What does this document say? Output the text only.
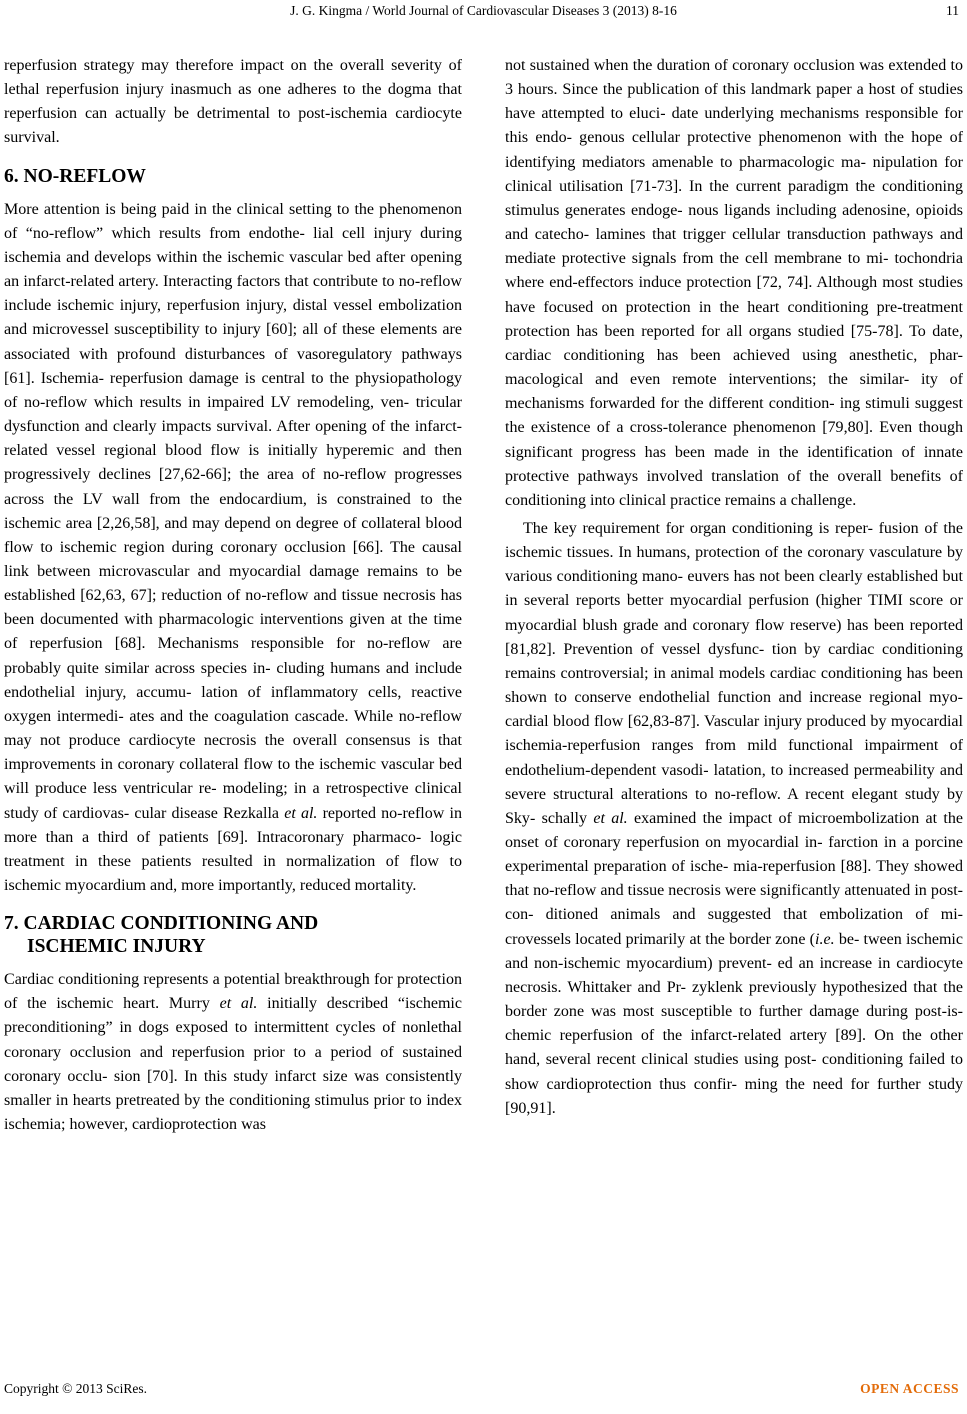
J. G. Kingma / World Journal of Cardiovascular Diseases 3 (2013) 8-16	11

reperfusion strategy may therefore impact on the overall severity of lethal reperfusion injury inasmuch as one adheres to the dogma that reperfusion can actually be detrimental to post-ischemia cardiocyte survival.

6. NO-REFLOW

More attention is being paid in the clinical setting to the phenomenon of “no-reflow” which results from endothe- lial cell injury during ischemia and develops within the ischemic vascular bed after opening an infarct-related artery. Interacting factors that contribute to no-reflow include ischemic injury, reperfusion injury, distal vessel embolization and microvessel susceptibility to injury [60]; all of these elements are associated with profound disturbances of vasoregulatory pathways [61]. Ischemia- reperfusion damage is central to the physiopathology of no-reflow which results in impaired LV remodeling, ven- tricular dysfunction and clearly impacts survival. After opening of the infarct-related vessel regional blood flow is initially hyperemic and then progressively declines [27,62-66]; the area of no-reflow progresses across the LV wall from the endocardium, is constrained to the ischemic area [2,26,58], and may depend on degree of collateral blood flow to ischemic region during coronary occlusion [66]. The causal link between microvascular and myocardial damage remains to be established [62,63, 67]; reduction of no-reflow and tissue necrosis has been documented with pharmacologic interventions given at the time of reperfusion [68]. Mechanisms responsible for no-reflow are probably quite similar across species in- cluding humans and include endothelial injury, accumu- lation of inflammatory cells, reactive oxygen intermedi- ates and the coagulation cascade. While no-reflow may not produce cardiocyte necrosis the overall consensus is that improvements in coronary collateral flow to the ischemic vascular bed will produce less ventricular re- modeling; in a retrospective clinical study of cardiovas- cular disease Rezkalla et al. reported no-reflow in more than a third of patients [69]. Intracoronary pharmaco- logic treatment in these patients resulted in normalization of flow to ischemic myocardium and, more importantly, reduced mortality.

7. CARDIAC CONDITIONING AND
ISCHEMIC INJURY

Cardiac conditioning represents a potential breakthrough for protection of the ischemic heart. Murry et al. initially described “ischemic preconditioning” in dogs exposed to intermittent cycles of nonlethal coronary occlusion and reperfusion prior to a period of sustained coronary occlu- sion [70]. In this study infarct size was consistently smaller in hearts pretreated by the conditioning stimulus prior to index ischemia; however, cardioprotection was

not sustained when the duration of coronary occlusion was extended to 3 hours. Since the publication of this landmark paper a host of studies have attempted to eluci- date underlying mechanisms responsible for this endo- genous cellular protective phenomenon with the hope of identifying mediators amenable to pharmacologic ma- nipulation for clinical utilisation [71-73]. In the current paradigm the conditioning stimulus generates endoge- nous ligands including adenosine, opioids and catecho- lamines that trigger cellular transduction pathways and mediate protective signals from the cell membrane to mi- tochondria where end-effectors induce protection [72, 74]. Although most studies have focused on protection in the heart conditioning pre-treatment protection has been reported for all organs studied [75-78]. To date, cardiac conditioning has been achieved using anesthetic, phar- macological and even remote interventions; the similar- ity of mechanisms forwarded for the different condition- ing stimuli suggest the existence of a cross-tolerance phenomenon [79,80]. Even though significant progress has been made in the identification of innate protective pathways involved translation of the overall benefits of conditioning into clinical practice remains a challenge.

The key requirement for organ conditioning is reper- fusion of the ischemic tissues. In humans, protection of the coronary vasculature by various conditioning mano- euvers has not been clearly established but in several reports better myocardial perfusion (higher TIMI score or myocardial blush grade and coronary flow reserve) has been reported [81,82]. Prevention of vessel dysfunc- tion by cardiac conditioning remains controversial; in animal models cardiac conditioning has been shown to conserve endothelial function and increase regional myo- cardial blood flow [62,83-87]. Vascular injury produced by myocardial ischemia-reperfusion ranges from mild functional impairment of endothelium-dependent vasodi- latation, to increased permeability and severe structural alterations to no-reflow. A recent elegant study by Sky- schally et al. examined the impact of microembolization at the onset of coronary reperfusion on myocardial in- farction in a porcine experimental preparation of ische- mia-reperfusion [88]. They showed that no-reflow and tissue necrosis were significantly attenuated in post-con- ditioned animals and suggested that embolization of mi- crovessels located primarily at the border zone (i.e. be- tween ischemic and non-ischemic myocardium) prevent- ed an increase in cardiocyte necrosis. Whittaker and Pr- zyklenk previously hypothesized that the border zone was most susceptible to further damage during post-is- chemic reperfusion of the infarct-related artery [89]. On the other hand, several recent clinical studies using post- conditioning failed to show cardioprotection thus confir- ming the need for further study [90,91].

Copyright © 2013 SciRes.	OPEN ACCESS
